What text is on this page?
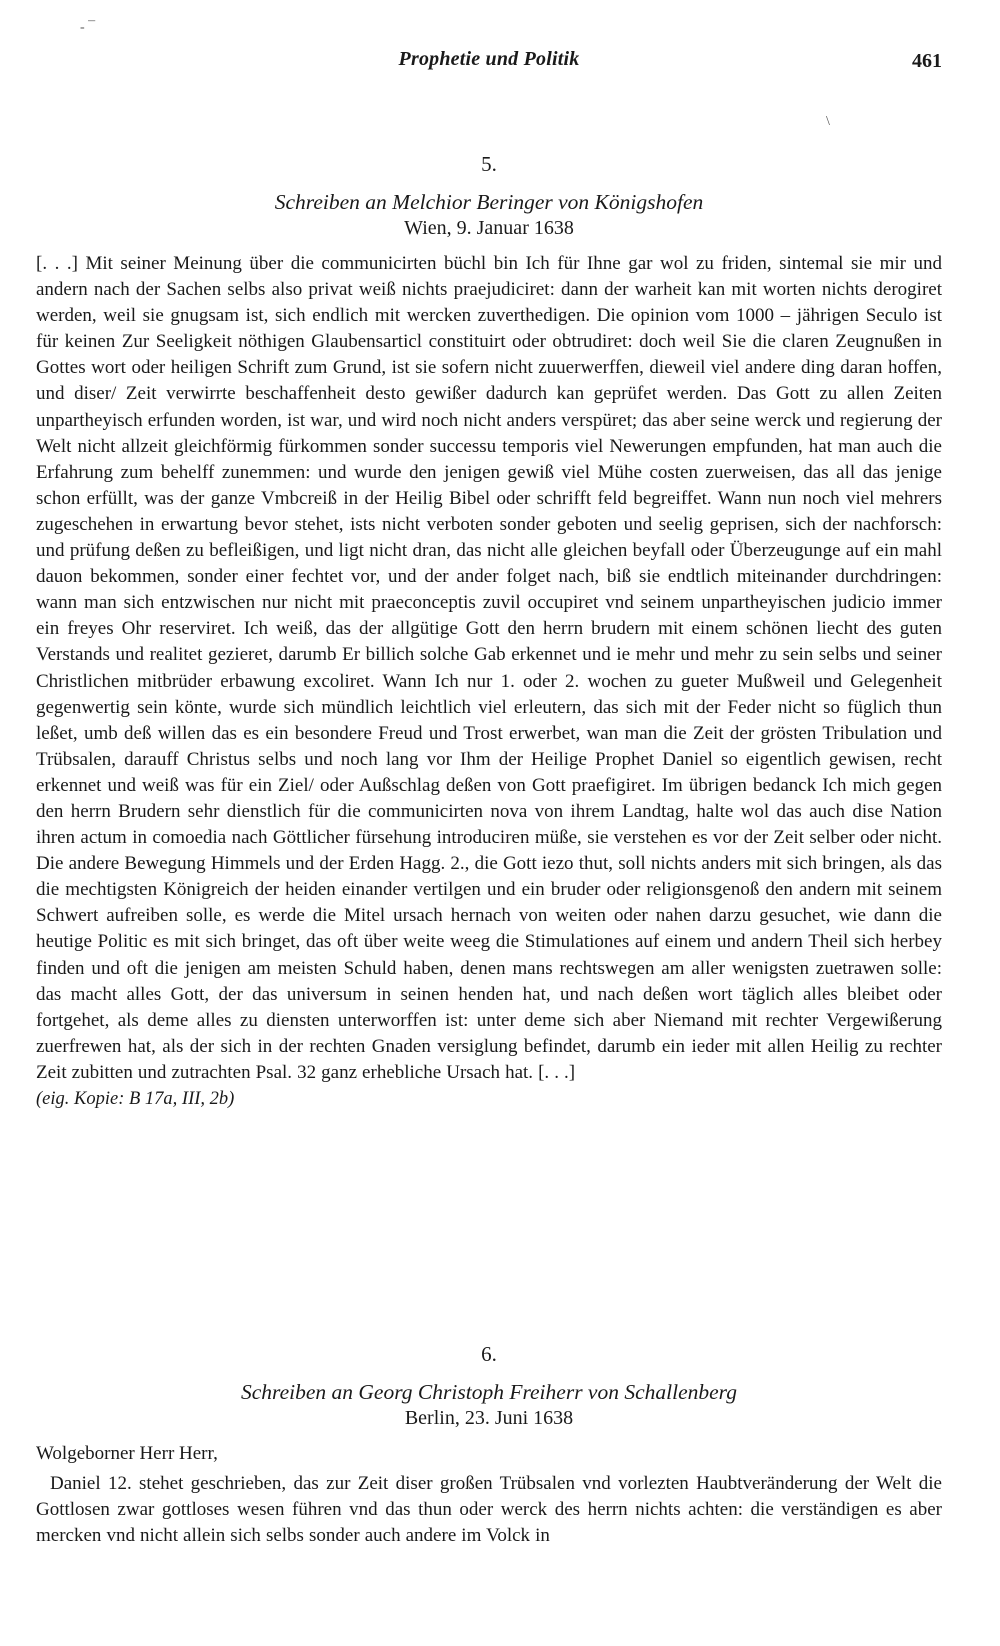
- ¯
Prophetie und Politik	461
\
5.
Schreiben an Melchior Beringer von Königshofen
Wien, 9. Januar 1638

[. . .] Mit seiner Meinung über die communicirten büchl bin Ich für Ihne gar wol zu friden, sintemal sie mir und andern nach der Sachen selbs also privat weiß nichts praejudiciret: dann der warheit kan mit worten nichts derogiret werden, weil sie gnugsam ist, sich endlich mit wercken zuverthedigen. Die opinion vom 1000 – jährigen Seculo ist für keinen Zur Seeligkeit nöthigen Glaubensarticl constituirt oder obtrudiret: doch weil Sie die claren Zeugnußen in Gottes wort oder heiligen Schrift zum Grund, ist sie sofern nicht zuuerwerffen, dieweil viel andere ding daran hoffen, und diser/ Zeit verwirrte beschaffenheit desto gewißer dadurch kan geprüfet werden. Das Gott zu allen Zeiten unpartheyisch erfunden worden, ist war, und wird noch nicht anders verspüret; das aber seine werck und regierung der Welt nicht allzeit gleichförmig fürkommen sonder successu temporis viel Newerungen empfunden, hat man auch die Erfahrung zum behelff zunemmen: und wurde den jenigen gewiß viel Mühe costen zuerweisen, das all das jenige schon erfüllt, was der ganze Vmbcreiß in der Heilig Bibel oder schrifft feld begreiffet. Wann nun noch viel mehrers zugeschehen in erwartung bevor stehet, ists nicht verboten sonder geboten und seelig geprisen, sich der nachforsch: und prüfung deßen zu befleißigen, und ligt nicht dran, das nicht alle gleichen beyfall oder Überzeugunge auf ein mahl dauon bekommen, sonder einer fechtet vor, und der ander folget nach, biß sie endtlich miteinander durchdringen: wann man sich entzwischen nur nicht mit praeconceptis zuvil occupiret vnd seinem unpartheyischen judicio immer ein freyes Ohr reserviret. Ich weiß, das der allgütige Gott den herrn brudern mit einem schönen liecht des guten Verstands und realitet gezieret, darumb Er billich solche Gab erkennet und ie mehr und mehr zu sein selbs und seiner Christlichen mitbrüder erbawung excoliret. Wann Ich nur 1. oder 2. wochen zu gueter Mußweil und Gelegenheit gegenwertig sein könte, wurde sich mündlich leichtlich viel erleutern, das sich mit der Feder nicht so füglich thun leßet, umb deß willen das es ein besondere Freud und Trost erwerbet, wan man die Zeit der grösten Tribulation und Trübsalen, darauff Christus selbs und noch lang vor Ihm der Heilige Prophet Daniel so eigentlich gewisen, recht erkennet und weiß was für ein Ziel/ oder Außschlag deßen von Gott praefigiret. Im übrigen bedanck Ich mich gegen den herrn Brudern sehr dienstlich für die communicirten nova von ihrem Landtag, halte wol das auch dise Nation ihren actum in comoedia nach Göttlicher fürsehung introduciren müße, sie verstehen es vor der Zeit selber oder nicht. Die andere Bewegung Himmels und der Erden Hagg. 2., die Gott iezo thut, soll nichts anders mit sich bringen, als das die mechtigsten Königreich der heiden einander vertilgen und ein bruder oder religionsgenoß den andern mit seinem Schwert aufreiben solle, es werde die Mitel ursach hernach von weiten oder nahen darzu gesuchet, wie dann die heutige Politic es mit sich bringet, das oft über weite weeg die Stimulationes auf einem und andern Theil sich herbey finden und oft die jenigen am meisten Schuld haben, denen mans rechtswegen am aller wenigsten zuetrawen solle: das macht alles Gott, der das universum in seinen henden hat, und nach deßen wort täglich alles bleibet oder fortgehet, als deme alles zu diensten unterworffen ist: unter deme sich aber Niemand mit rechter Vergewißerung zuerfrewen hat, als der sich in der rechten Gnaden versiglung befindet, darumb ein ieder mit allen Heilig zu rechter Zeit zubitten und zutrachten Psal. 32 ganz erhebliche Ursach hat. [. . .]

(eig. Kopie: B 17a, III, 2b)

6.
Schreiben an Georg Christoph Freiherr von Schallenberg
Berlin, 23. Juni 1638

Wolgeborner Herr Herr,

Daniel 12. stehet geschrieben, das zur Zeit diser großen Trübsalen vnd vorlezten Haubtveränderung der Welt die Gottlosen zwar gottloses wesen führen vnd das thun oder werck des herrn nichts achten: die verständigen es aber mercken vnd nicht allein sich selbs sonder auch andere im Volck in
